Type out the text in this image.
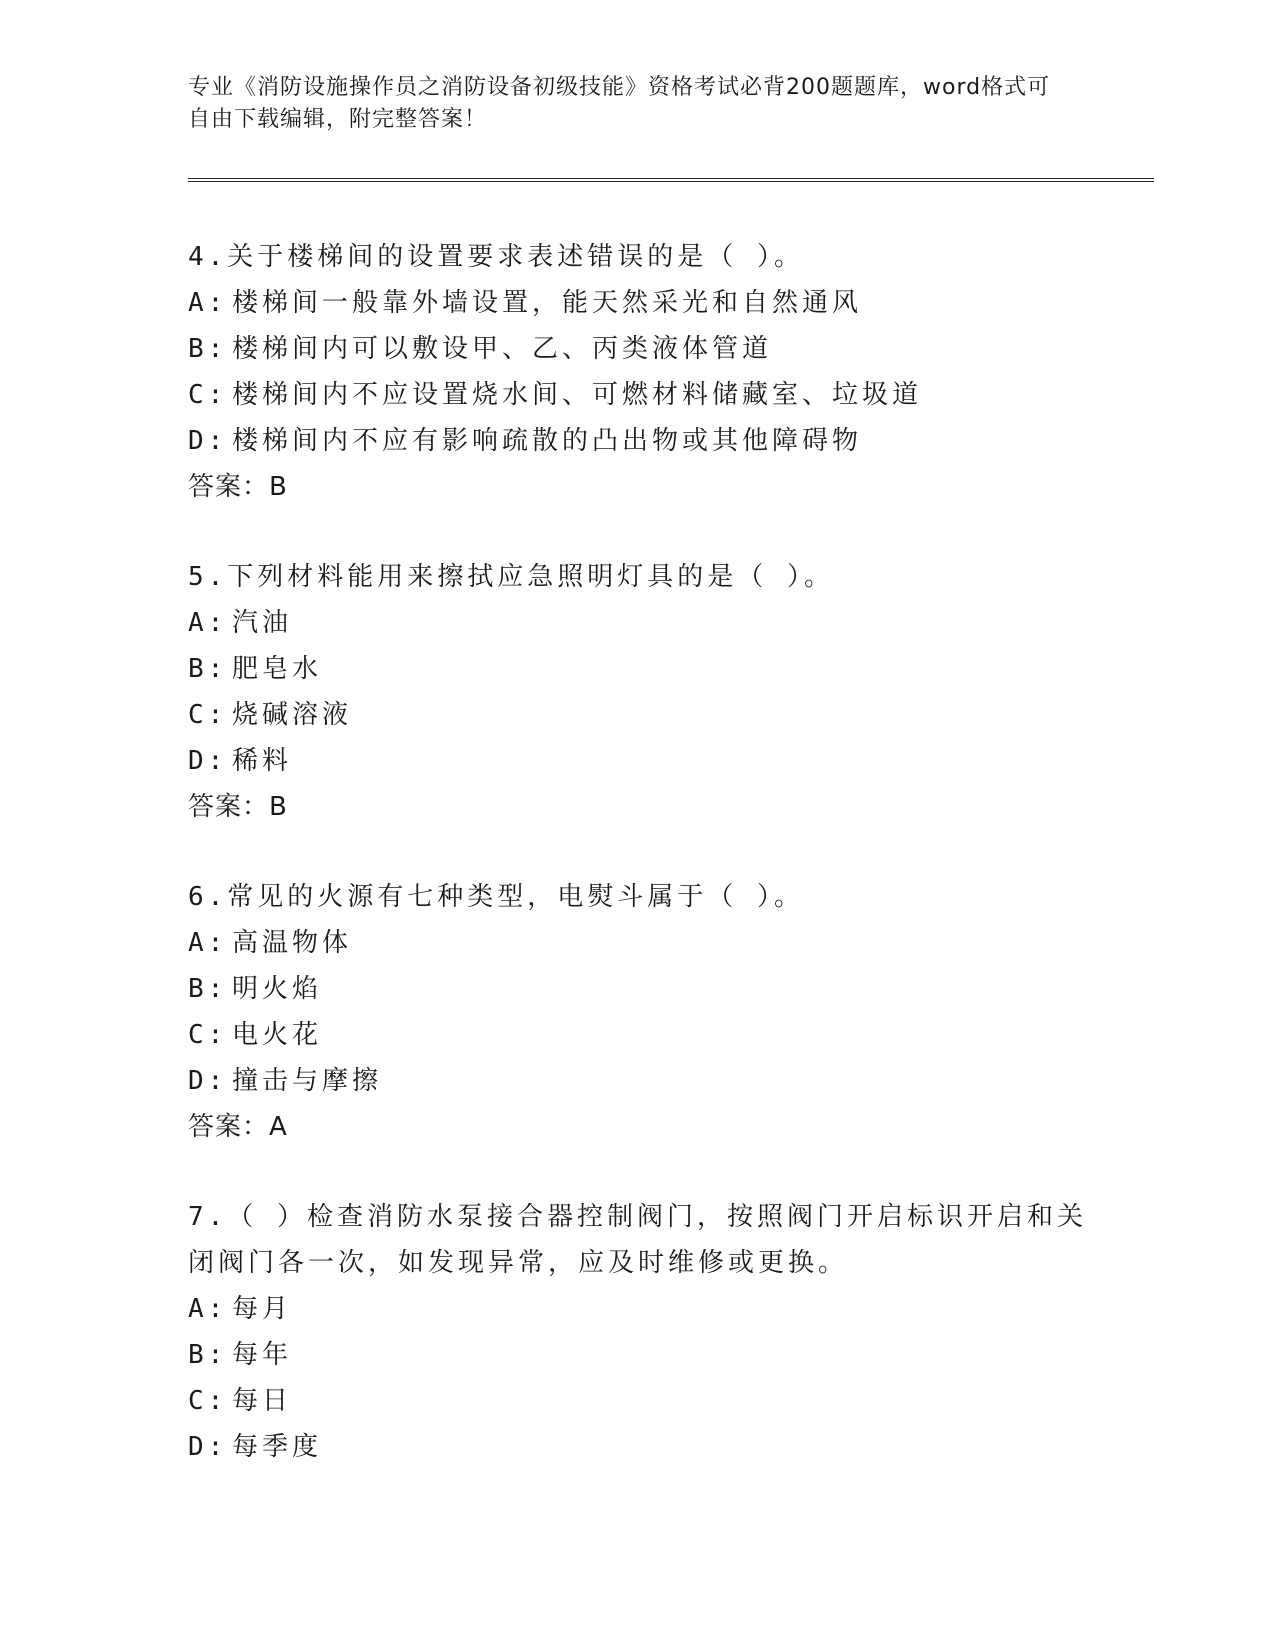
专业《消防设施操作员之消防设备初级技能》资格考试必背200题题库，word格式可自由下载编辑，附完整答案！
4.关于楼梯间的设置要求表述错误的是（ ）。
A: 楼梯间一般靠外墙设置，能天然采光和自然通风
B: 楼梯间内可以敷设甲、乙、丙类液体管道
C: 楼梯间内不应设置烧水间、可燃材料储藏室、垃圾道
D: 楼梯间内不应有影响疏散的凸出物或其他障碍物
答案：B
5.下列材料能用来擦拭应急照明灯具的是（ ）。
A: 汽油
B: 肥皂水
C: 烧碱溶液
D: 稀料
答案：B
6.常见的火源有七种类型，电熨斗属于（ ）。
A: 高温物体
B: 明火焰
C: 电火花
D: 撞击与摩擦
答案：A
7.（ ）检查消防水泵接合器控制阀门，按照阀门开启标识开启和关闭阀门各一次，如发现异常，应及时维修或更换。
A: 每月
B: 每年
C: 每日
D: 每季度
